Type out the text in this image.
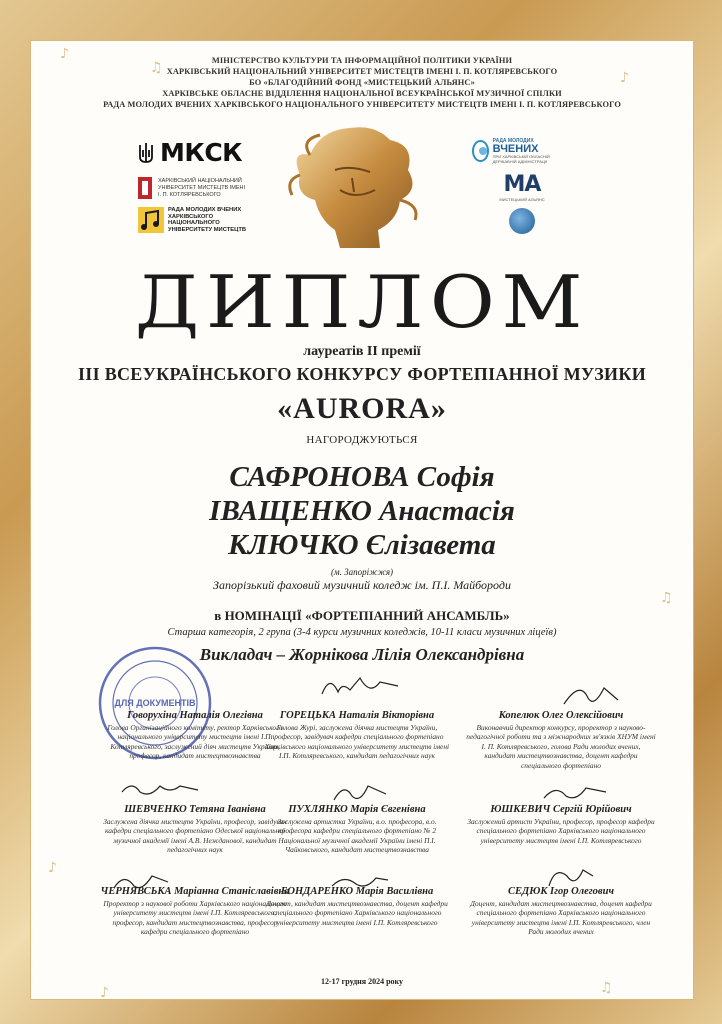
♪
♫
♪
♫
♪
♫
♪
МІНІСТЕРСТВО КУЛЬТУРИ ТА ІНФОРМАЦІЙНОЇ ПОЛІТИКИ УКРАЇНИ
ХАРКІВСЬКИЙ НАЦІОНАЛЬНИЙ УНІВЕРСИТЕТ МИСТЕЦТВ ІМЕНІ І. П. КОТЛЯРЕВСЬКОГО
БО «БЛАГОДІЙНИЙ ФОНД «МИСТЕЦЬКИЙ АЛЬЯНС»
ХАРКІВСЬКЕ ОБЛАСНЕ ВІДДІЛЕННЯ НАЦІОНАЛЬНОЇ ВСЕУКРАЇНСЬКОЇ МУЗИЧНОЇ СПІЛКИ
РАДА МОЛОДИХ ВЧЕНИХ ХАРКІВСЬКОГО НАЦІОНАЛЬНОГО УНІВЕРСИТЕТУ МИСТЕЦТВ ІМЕНІ І. П. КОТЛЯРЕВСЬКОГО
МКСК
ХАРКІВСЬКИЙ НАЦІОНАЛЬНИЙ УНІВЕРСИТЕТ МИСТЕЦТВ ІМЕНІ І. П. КОТЛЯРЕВСЬКОГО
РАДА МОЛОДИХ ВЧЕНИХ ХАРКІВСЬКОГО НАЦІОНАЛЬНОГО УНІВЕРСИТЕТУ МИСТЕЦТВ
РАДА МОЛОДИХ
ВЧЕНИХ
ПРИ ХАРКІВСЬКІЙ ОБЛАСНІЙ ДЕРЖАВНІЙ АДМІНІСТРАЦІЇ
МА
МИСТЕЦЬКИЙ АЛЬЯНС
ДИПЛОМ
лауреатів ІІ премії
ІІІ ВСЕУКРАЇНСЬКОГО КОНКУРСУ ФОРТЕПІАННОЇ МУЗИКИ
«AURORA»
НАГОРОДЖУЮТЬСЯ
САФРОНОВА Софія
ІВАЩЕНКО Анастасія
КЛЮЧКО Єлізавета
(м. Запоріжжя)
Запорізький фаховий музичний коледж ім. П.І. Майбороди
в НОМІНАЦІЇ «ФОРТЕПІАННИЙ АНСАМБЛЬ»
Старша категорія, 2 група (3-4 курси музичних коледжів, 10-11 класи музичних ліцеїв)
Викладач – Жорнікова Лілія Олександрівна
ДЛЯ ДОКУМЕНТІВ
Говорухіна Наталія Олегівна
Голова Організаційного комітету, ректор Харківського національного університету мистецтв імені І.П. Котляревського, заслужений діяч мистецтв України, професор, кандидат мистецтвознавства
ГОРЕЦЬКА Наталія Вікторівна
Голова Журі, заслужена діячка мистецтв України, професор, завідувач кафедри спеціального фортепіано Харківського національного університету мистецтв імені І.П. Котляревського, кандидат педагогічних наук
Копелюк Олег Олексійович
Виконавчий директор конкурсу, проректор з науково-педагогічної роботи та з міжнародних зв'язків ХНУМ імені І. П. Котляревського, голова Ради молодих вчених, кандидат мистецтвознавства, доцент кафедри спеціального фортепіано
ШЕВЧЕНКО Тетяна Іванівна
Заслужена діячка мистецтв України, професор, завідувач кафедри спеціального фортепіано Одеської національної музичної академії імені А.В. Нежданової, кандидат педагогічних наук
ПУХЛЯНКО Марія Євгенівна
Заслужена артистка України, в.о. професора, в.о. професора кафедри спеціального фортепіано № 2 Національної музичної академії України імені П.І. Чайковського, кандидат мистецтвознавства
ЮШКЕВИЧ Сергій Юрійович
Заслужений артист України, професор, професор кафедри спеціального фортепіано Харківського національного університету мистецтв імені І.П. Котляревського
ЧЕРНЯВСЬКА Маріанна Станіславівна
Проректор з наукової роботи Харківського національного університету мистецтв імені І.П. Котляревського, професор, кандидат мистецтвознавства, професор кафедри спеціального фортепіано
БОНДАРЕНКО Марія Василівна
Доцент, кандидат мистецтвознавства, доцент кафедри спеціального фортепіано Харківського національного університету мистецтв імені І.П. Котляревського
СЕДЮК Ігор Олегович
Доцент, кандидат мистецтвознавства, доцент кафедри спеціального фортепіано Харківського національного університету мистецтв імені І.П. Котляревського, член Ради молодих вчених
12-17 грудня 2024 року
